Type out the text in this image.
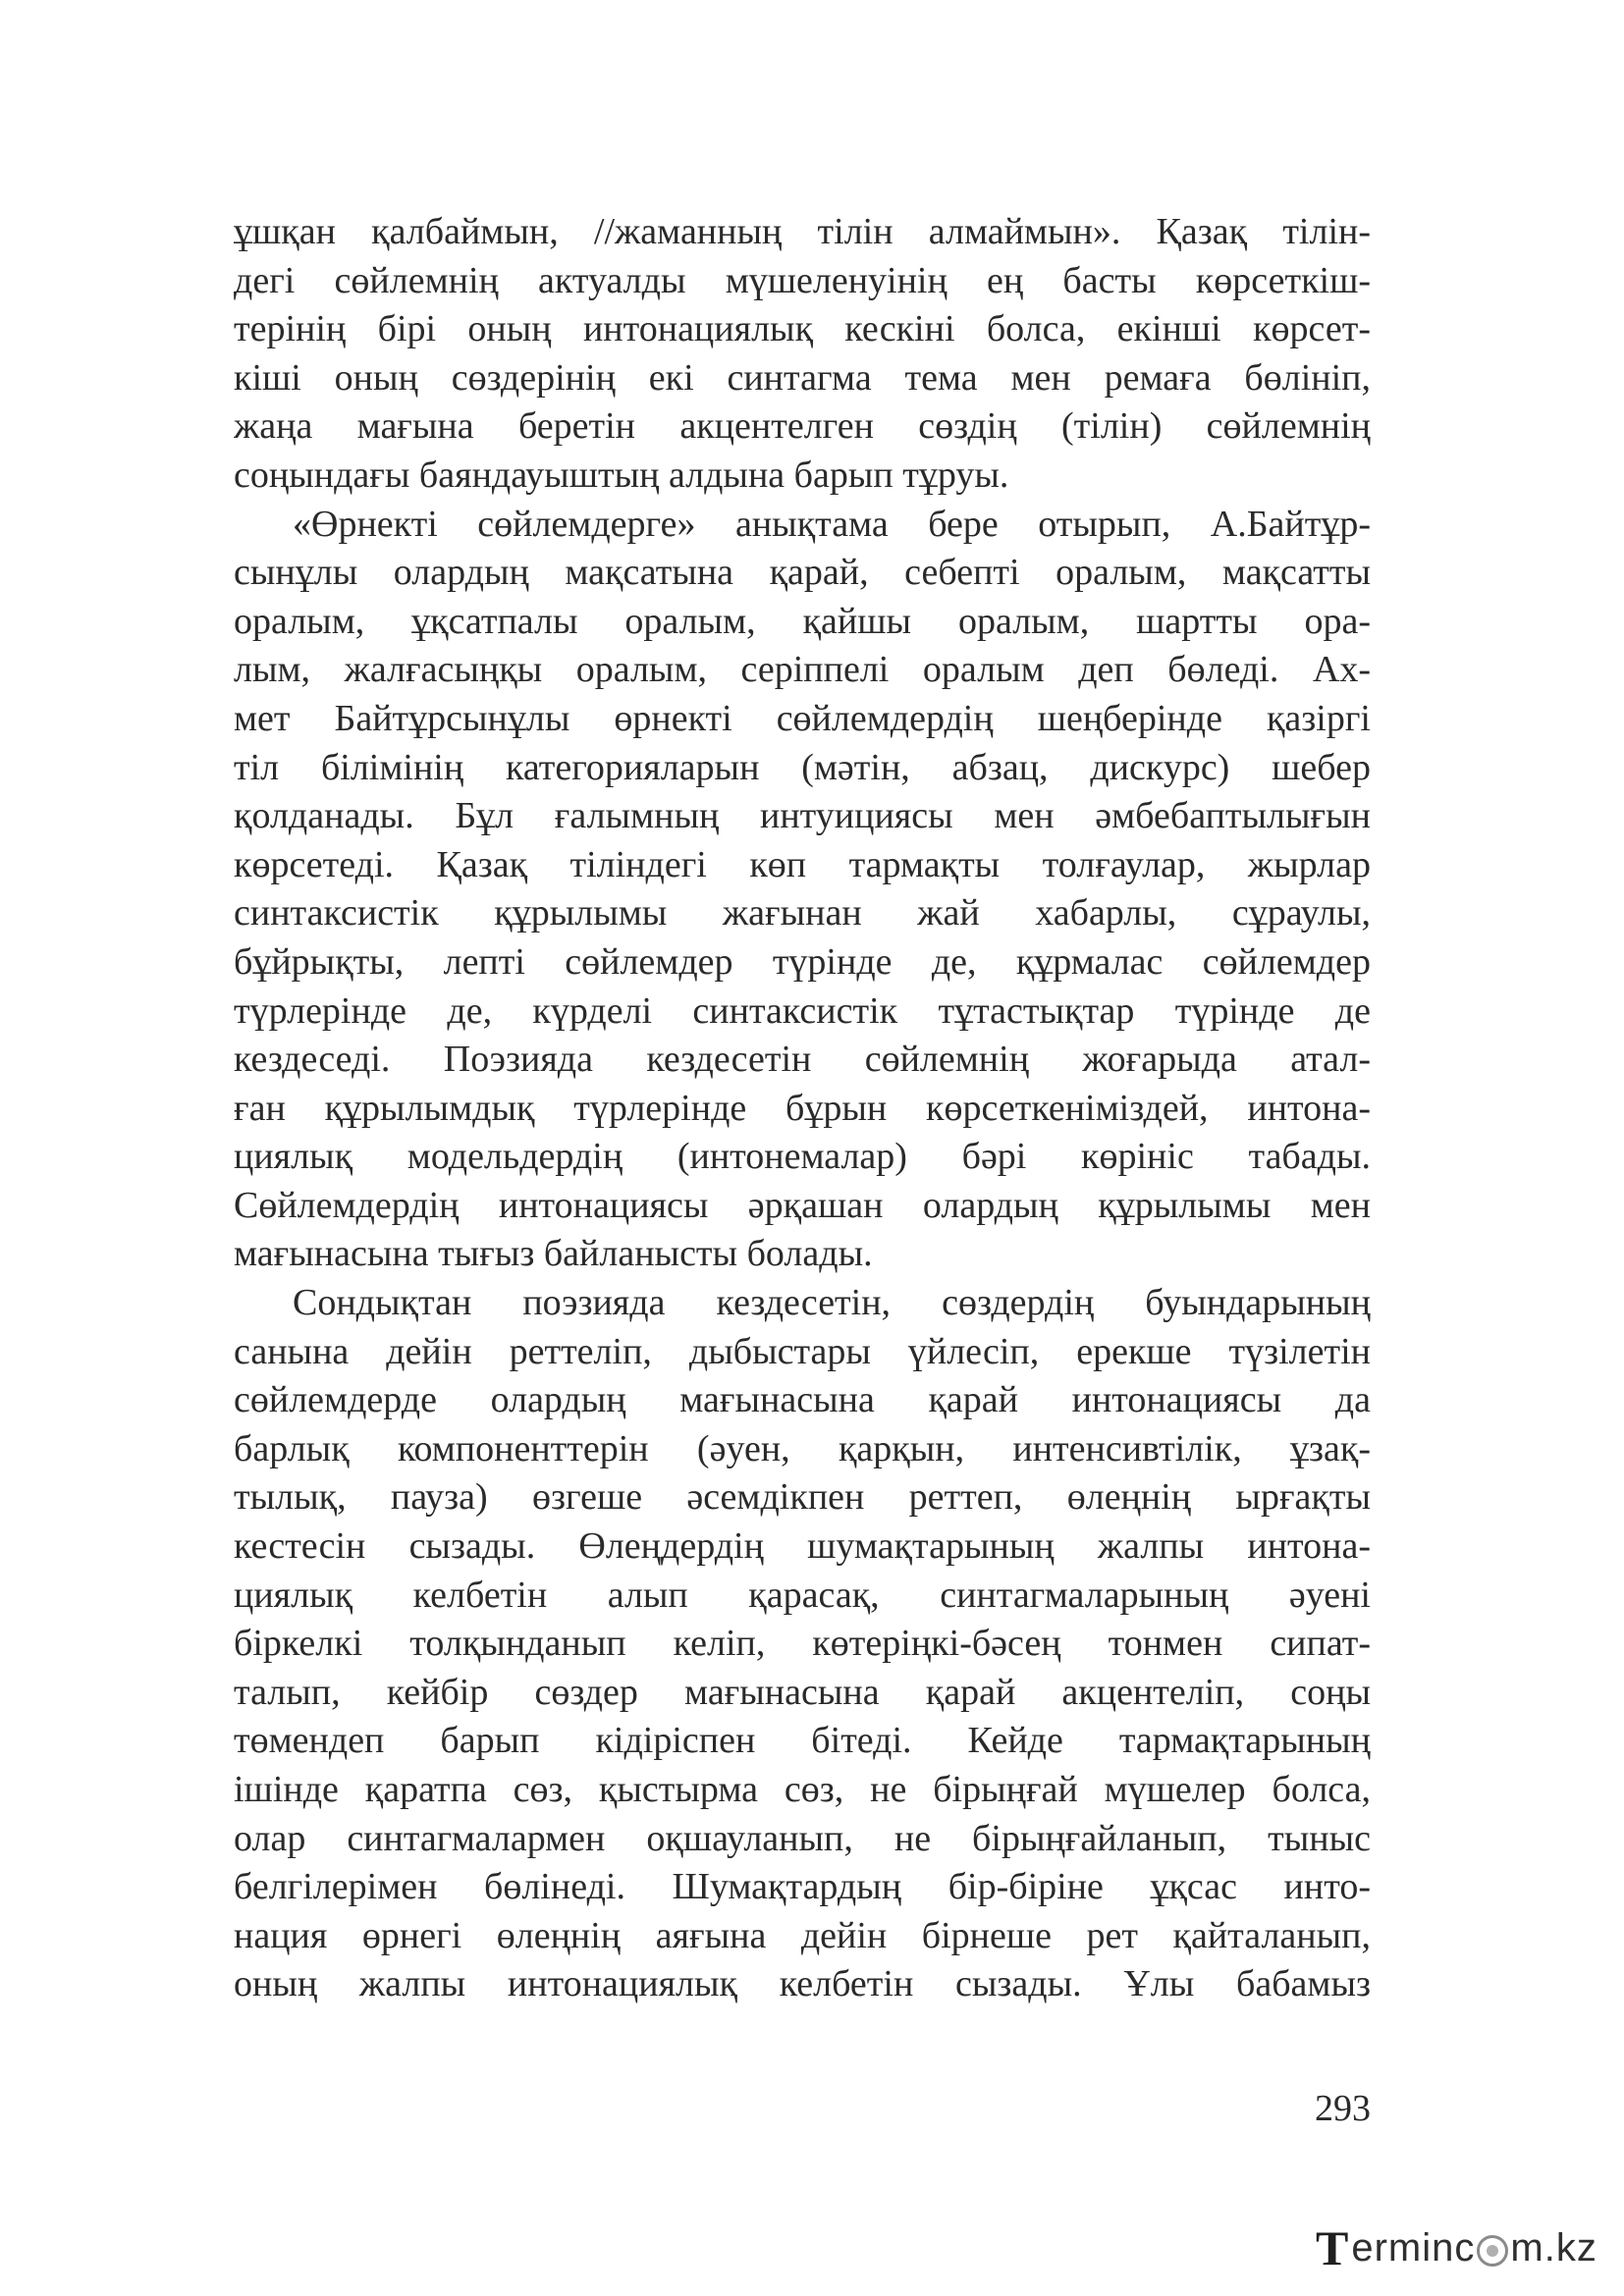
ұшқан қалбаймын, //жаманның тілін алмаймын». Қазақ тілін-
дегі сөйлемнің актуалды мүшеленуінің ең басты көрсеткіш-
терінің бірі оның интонациялық кескіні болса, екінші көрсет-
кіші оның сөздерінің екі синтагма тема мен ремаға бөлініп,
жаңа мағына беретін акцентелген сөздің (тілін) сөйлемнің
соңындағы баяндауыштың алдына барып тұруы.
«Өрнекті сөйлемдерге» анықтама бере отырып, А.Байтұр-
сынұлы олардың мақсатына қарай, себепті оралым, мақсатты
оралым, ұқсатпалы оралым, қайшы оралым, шартты ора-
лым, жалғасыңқы оралым, серіппелі оралым деп бөледі. Ах-
мет Байтұрсынұлы өрнекті сөйлемдердің шеңберінде қазіргі
тіл білімінің категорияларын (мәтін, абзац, дискурс) шебер
қолданады. Бұл ғалымның интуициясы мен әмбебаптылығын
көрсетеді. Қазақ тіліндегі көп тармақты толғаулар, жырлар
синтаксистік құрылымы жағынан жай хабарлы, сұраулы,
бұйрықты, лепті сөйлемдер түрінде де, құрмалас сөйлемдер
түрлерінде де, күрделі синтаксистік тұтастықтар түрінде де
кездеседі. Поэзияда кездесетін сөйлемнің жоғарыда атал-
ған құрылымдық түрлерінде бұрын көрсеткеніміздей, интона-
циялық модельдердің (интонемалар) бәрі көрініс табады.
Сөйлемдердің интонациясы әрқашан олардың құрылымы мен
мағынасына тығыз байланысты болады.
Сондықтан поэзияда кездесетін, сөздердің буындарының
санына дейін реттеліп, дыбыстары үйлесіп, ерекше түзілетін
сөйлемдерде олардың мағынасына қарай интонациясы да
барлық компоненттерін (әуен, қарқын, интенсивтілік, ұзақ-
тылық, пауза) өзгеше әсемдікпен реттеп, өлеңнің ырғақты
кестесін сызады. Өлеңдердің шумақтарының жалпы интона-
циялық келбетін алып қарасақ, синтагмаларының әуені
біркелкі толқынданып келіп, көтеріңкі-бәсең тонмен сипат-
талып, кейбір сөздер мағынасына қарай акцентеліп, соңы
төмендеп барып кідіріспен бітеді. Кейде тармақтарының
ішінде қаратпа сөз, қыстырма сөз, не бірыңғай мүшелер болса,
олар синтагмалармен оқшауланып, не бірыңғайланып, тыныс
белгілерімен бөлінеді. Шумақтардың бір-біріне ұқсас инто-
нация өрнегі өлеңнің аяғына дейін бірнеше рет қайталанып,
оның жалпы интонациялық келбетін сызады. Ұлы бабамыз
293
T erminc m.kz
